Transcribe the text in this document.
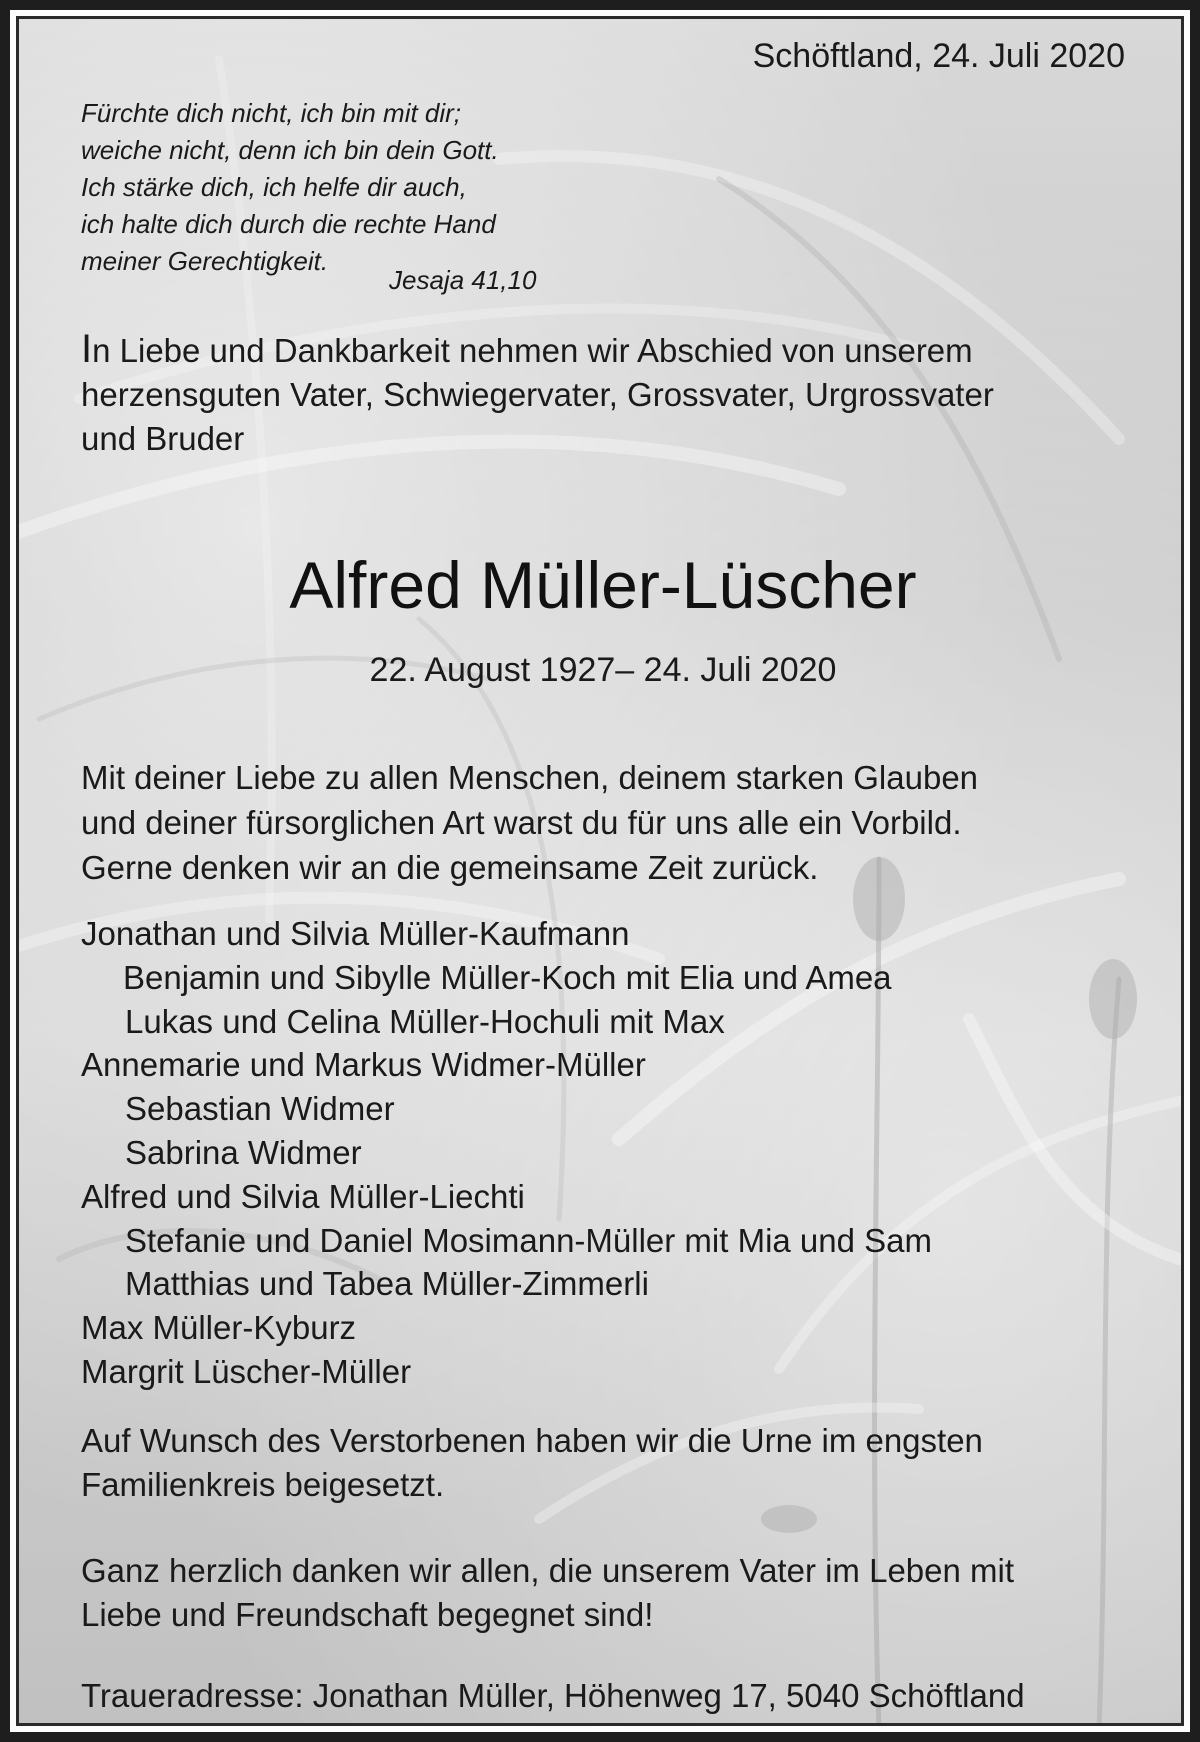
Schöftland, 24. Juli 2020
Fürchte dich nicht, ich bin mit dir;
weiche nicht, denn ich bin dein Gott.
Ich stärke dich, ich helfe dir auch,
ich halte dich durch die rechte Hand
meiner Gerechtigkeit.
Jesaja 41,10
In Liebe und Dankbarkeit nehmen wir Abschied von unserem
herzensguten Vater, Schwiegervater, Grossvater, Urgrossvater
und Bruder
Alfred Müller-Lüscher
22. August 1927– 24. Juli 2020
Mit deiner Liebe zu allen Menschen, deinem starken Glauben
und deiner fürsorglichen Art warst du für uns alle ein Vorbild.
Gerne denken wir an die gemeinsame Zeit zurück.
Jonathan und Silvia Müller-Kaufmann
Benjamin und Sibylle Müller-Koch mit Elia und Amea
Lukas und Celina Müller-Hochuli mit Max
Annemarie und Markus Widmer-Müller
Sebastian Widmer
Sabrina Widmer
Alfred und Silvia Müller-Liechti
Stefanie und Daniel Mosimann-Müller mit Mia und Sam
Matthias und Tabea Müller-Zimmerli
Max Müller-Kyburz
Margrit Lüscher-Müller
Auf Wunsch des Verstorbenen haben wir die Urne im engsten
Familienkreis beigesetzt.
Ganz herzlich danken wir allen, die unserem Vater im Leben mit
Liebe und Freundschaft begegnet sind!
Traueradresse: Jonathan Müller, Höhenweg 17, 5040 Schöftland
